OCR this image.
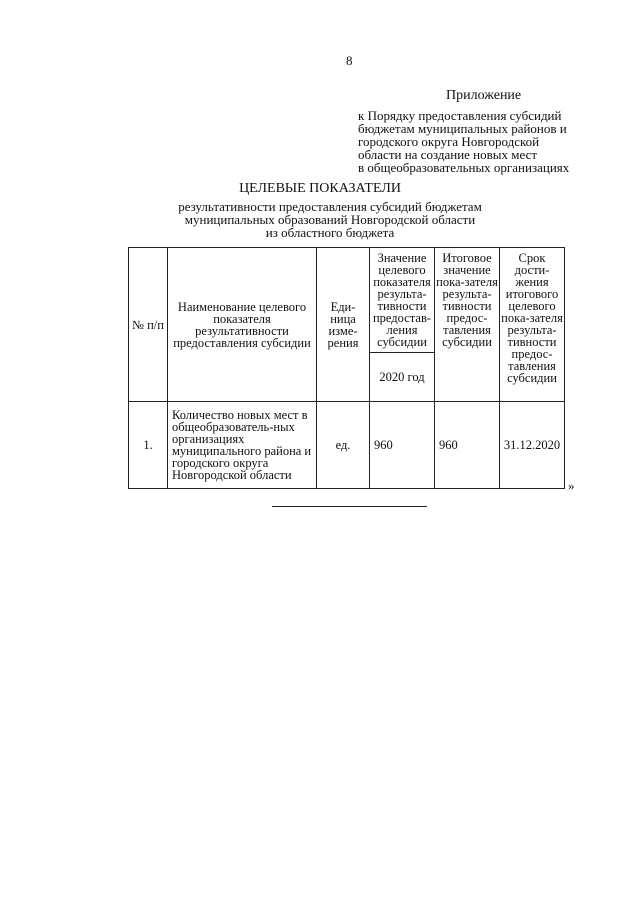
8
Приложение
к Порядку предоставления субсидий
бюджетам муниципальных районов и
городского округа Новгородской
области на создание новых мест
в общеобразовательных организациях
ЦЕЛЕВЫЕ ПОКАЗАТЕЛИ
результативности предоставления субсидий бюджетам
муниципальных образований Новгородской области
из областного бюджета
№ п/п	Наименование целевого показателя результативности предоставления субсидии	Еди-ница изме-рения	Значение целевого показателя результа-тивности предостав-ления субсидии	Итоговое значение пока-зателя результа-тивности предос-тавления субсидии	Срок дости-жения итогового целевого пока-зателя результа-тивности предос-тавления субсидии
			2020 год		
1.	Количество новых мест в общеобразователь-ных организациях муниципального района и городского округа Новгородской области	ед.	960	960	31.12.2020
»
